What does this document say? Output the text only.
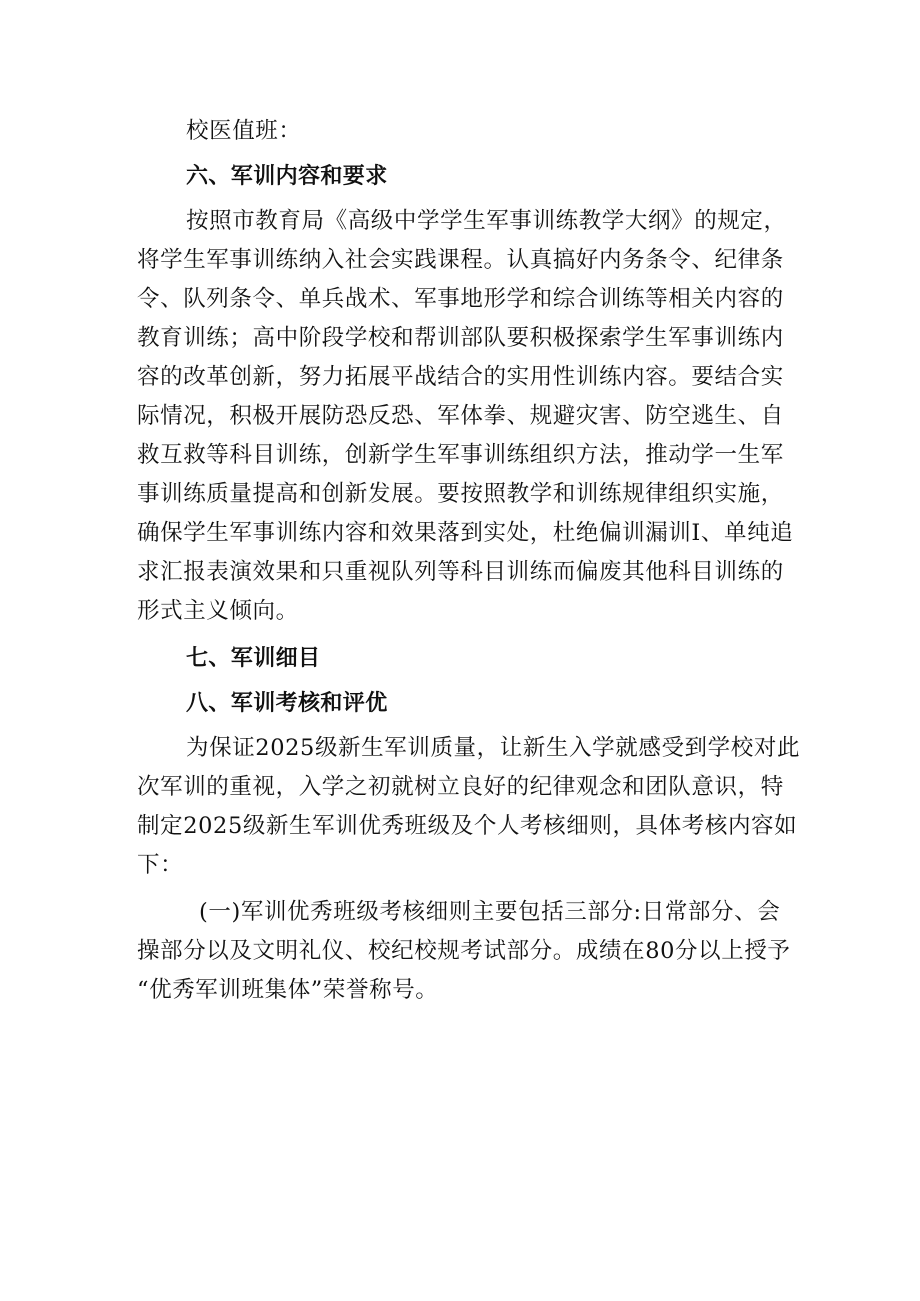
校医值班：

六、军训内容和要求

按照市教育局《高级中学学生军事训练教学大纲》的规定，

将学生军事训练纳入社会实践课程。认真搞好内务条令、纪律条

令、队列条令、单兵战术、军事地形学和综合训练等相关内容的

教育训练；高中阶段学校和帮训部队要积极探索学生军事训练内

容的改革创新，努力拓展平战结合的实用性训练内容。要结合实

际情况，积极开展防恐反恐、军体拳、规避灾害、防空逃生、自

救互救等科目训练，创新学生军事训练组织方法，推动学一生军

事训练质量提高和创新发展。要按照教学和训练规律组织实施，

确保学生军事训练内容和效果落到实处，杜绝偏训漏训I、单纯追

求汇报表演效果和只重视队列等科目训练而偏废其他科目训练的

形式主义倾向。

七、军训细目

八、军训考核和评优

为保证2025级新生军训质量，让新生入学就感受到学校对此

次军训的重视，入学之初就树立良好的纪律观念和团队意识，特

制定2025级新生军训优秀班级及个人考核细则，具体考核内容如

下：

(一)军训优秀班级考核细则主要包括三部分:日常部分、会

操部分以及文明礼仪、校纪校规考试部分。成绩在80分以上授予

“优秀军训班集体”荣誉称号。
